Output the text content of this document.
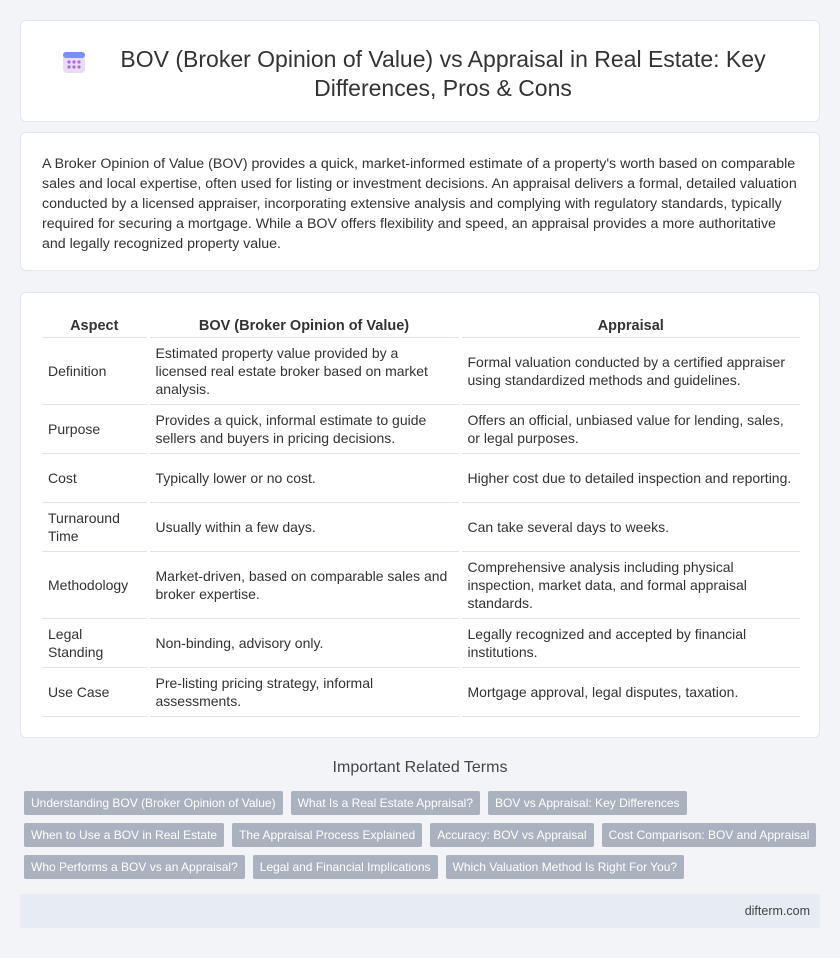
BOV (Broker Opinion of Value) vs Appraisal in Real Estate: Key Differences, Pros & Cons

A Broker Opinion of Value (BOV) provides a quick, market-informed estimate of a property's worth based on comparable sales and local expertise, often used for listing or investment decisions. An appraisal delivers a formal, detailed valuation conducted by a licensed appraiser, incorporating extensive analysis and complying with regulatory standards, typically required for securing a mortgage. While a BOV offers flexibility and speed, an appraisal provides a more authoritative and legally recognized property value.

Aspect	BOV (Broker Opinion of Value)	Appraisal
Definition	Estimated property value provided by a licensed real estate broker based on market analysis.	Formal valuation conducted by a certified appraiser using standardized methods and guidelines.
Purpose	Provides a quick, informal estimate to guide sellers and buyers in pricing decisions.	Offers an official, unbiased value for lending, sales, or legal purposes.
Cost	Typically lower or no cost.	Higher cost due to detailed inspection and reporting.
Turnaround Time	Usually within a few days.	Can take several days to weeks.
Methodology	Market-driven, based on comparable sales and broker expertise.	Comprehensive analysis including physical inspection, market data, and formal appraisal standards.
Legal Standing	Non-binding, advisory only.	Legally recognized and accepted by financial institutions.
Use Case	Pre-listing pricing strategy, informal assessments.	Mortgage approval, legal disputes, taxation.
Important Related Terms
Understanding BOV (Broker Opinion of Value)	What Is a Real Estate Appraisal?	BOV vs Appraisal: Key Differences
When to Use a BOV in Real Estate	The Appraisal Process Explained	Accuracy: BOV vs Appraisal	Cost Comparison: BOV and Appraisal
Who Performs a BOV vs an Appraisal?	Legal and Financial Implications	Which Valuation Method Is Right For You?
difterm.com
